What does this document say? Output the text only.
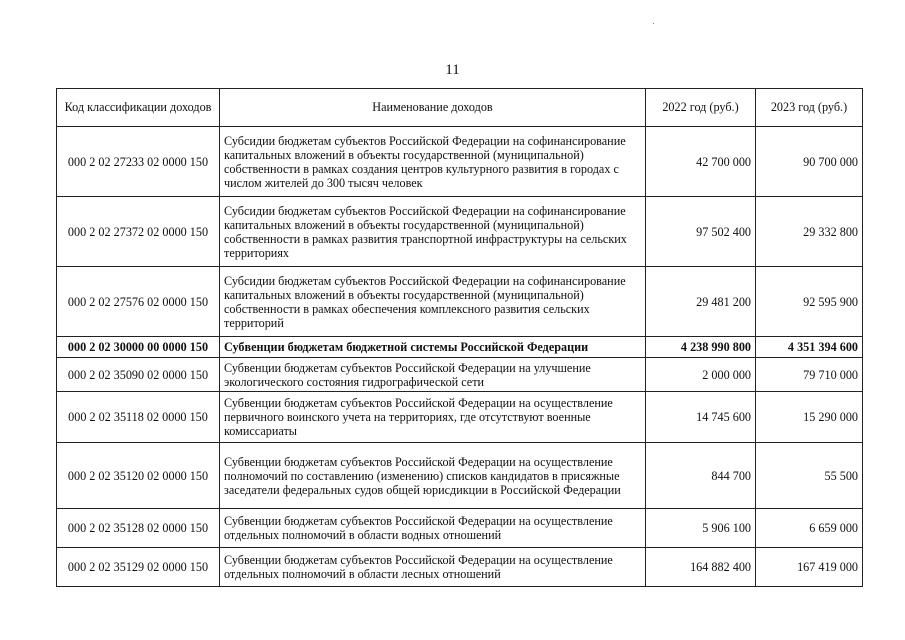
11
Код классификации доходов	Наименование доходов	2022 год (руб.)	2023 год (руб.)
000 2 02 27233 02 0000 150	Субсидии бюджетам субъектов Российской Федерации на софинансирование капитальных вложений в объекты государственной (муниципальной) собственности в рамках создания центров культурного развития в городах с числом жителей до 300 тысяч человек	42 700 000	90 700 000
000 2 02 27372 02 0000 150	Субсидии бюджетам субъектов Российской Федерации на софинансирование капитальных вложений в объекты государственной (муниципальной) собственности в рамках развития транспортной инфраструктуры на сельских территориях	97 502 400	29 332 800
000 2 02 27576 02 0000 150	Субсидии бюджетам субъектов Российской Федерации на софинансирование капитальных вложений в объекты государственной (муниципальной) собственности в рамках обеспечения комплексного развития сельских территорий	29 481 200	92 595 900
000 2 02 30000 00 0000 150	Субвенции бюджетам бюджетной системы Российской Федерации	4 238 990 800	4 351 394 600
000 2 02 35090 02 0000 150	Субвенции бюджетам субъектов Российской Федерации на улучшение экологического состояния гидрографической сети	2 000 000	79 710 000
000 2 02 35118 02 0000 150	Субвенции бюджетам субъектов Российской Федерации на осуществление первичного воинского учета на территориях, где отсутствуют военные комиссариаты	14 745 600	15 290 000
000 2 02 35120 02 0000 150	Субвенции бюджетам субъектов Российской Федерации на осуществление полномочий по составлению (изменению) списков кандидатов в присяжные заседатели федеральных судов общей юрисдикции в Российской Федерации	844 700	55 500
000 2 02 35128 02 0000 150	Субвенции бюджетам субъектов Российской Федерации на осуществление отдельных полномочий в области водных отношений	5 906 100	6 659 000
000 2 02 35129 02 0000 150	Субвенции бюджетам субъектов Российской Федерации на осуществление отдельных полномочий в области лесных отношений	164 882 400	167 419 000
